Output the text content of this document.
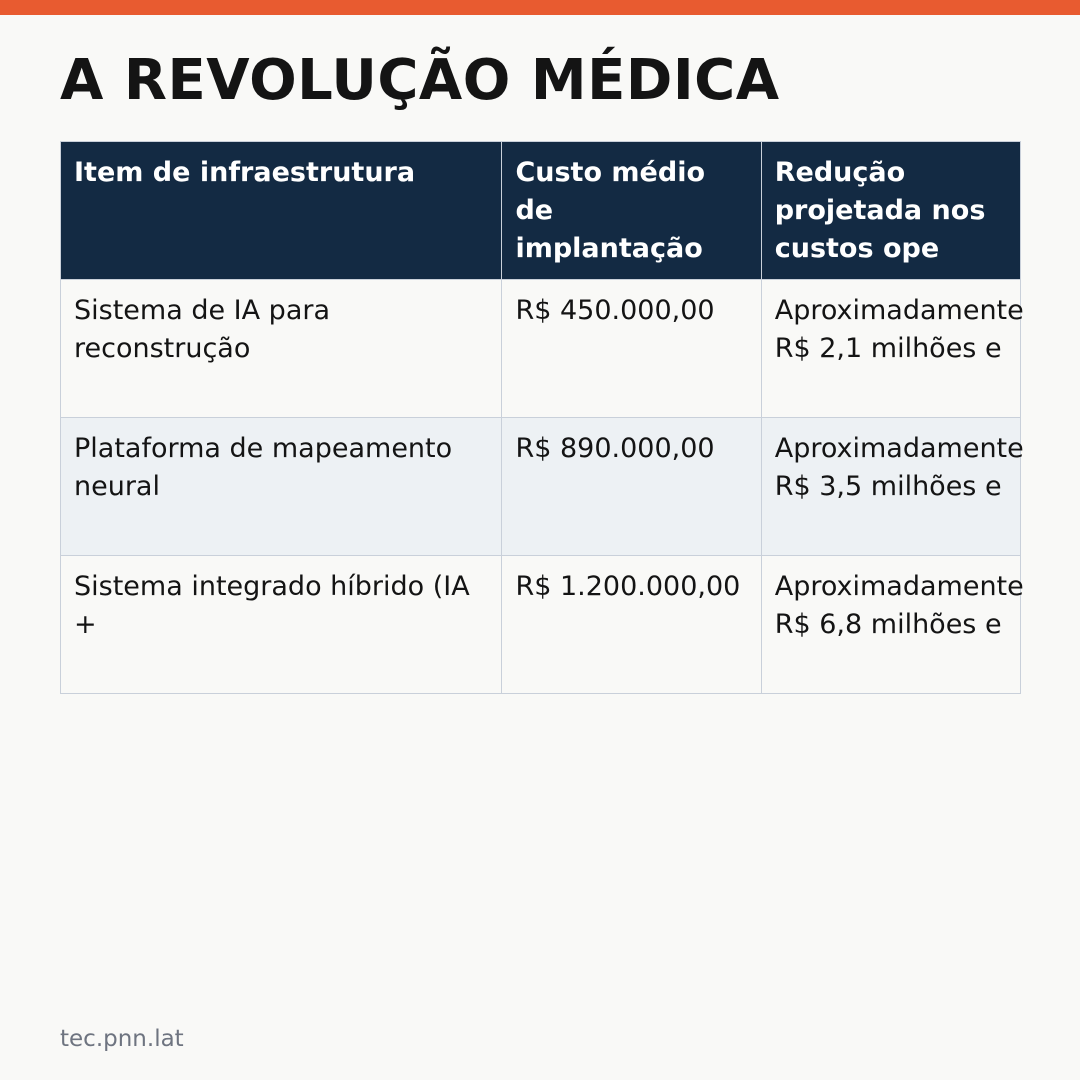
A REVOLUÇÃO MÉDICA
Item de infraestrutura	Custo médio de implantação	Redução projetada nos custos ope
Sistema de IA para reconstrução	R$ 450.000,00	Aproximadamente R$ 2,1 milhões e
Plataforma de mapeamento neural	R$ 890.000,00	Aproximadamente R$ 3,5 milhões e
Sistema integrado híbrido (IA +	R$ 1.200.000,00	Aproximadamente R$ 6,8 milhões e
tec.pnn.lat
